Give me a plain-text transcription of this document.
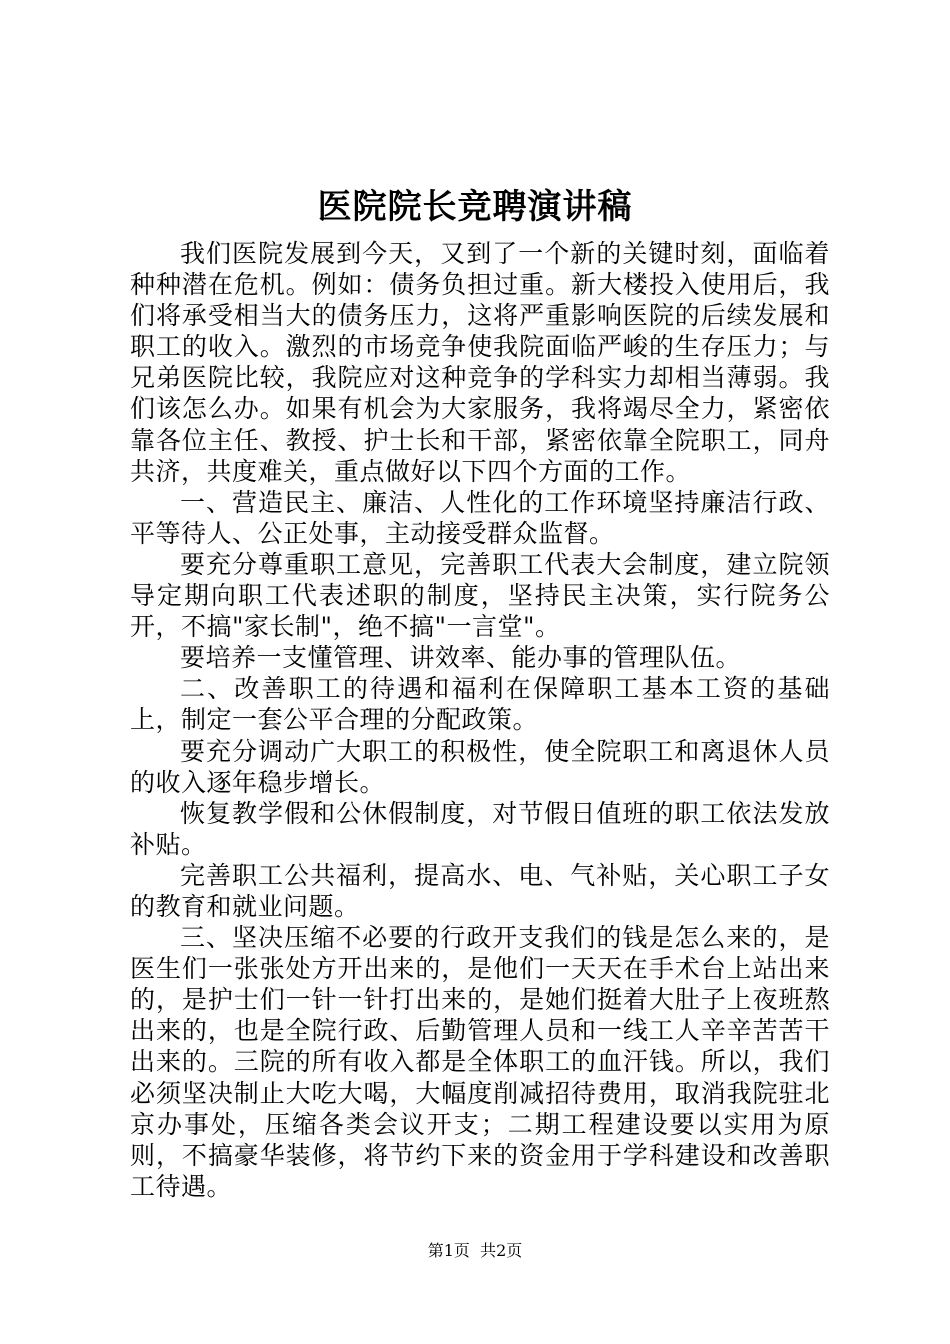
医院院长竞聘演讲稿

我们医院发展到今天，又到了一个新的关键时刻，面临着种种潜在危机。例如：债务负担过重。新大楼投入使用后，我们将承受相当大的债务压力，这将严重影响医院的后续发展和职工的收入。激烈的市场竞争使我院面临严峻的生存压力；与兄弟医院比较，我院应对这种竞争的学科实力却相当薄弱。我们该怎么办。如果有机会为大家服务，我将竭尽全力，紧密依靠各位主任、教授、护士长和干部，紧密依靠全院职工，同舟共济，共度难关，重点做好以下四个方面的工作。

一、营造民主、廉洁、人性化的工作环境坚持廉洁行政、平等待人、公正处事，主动接受群众监督。

要充分尊重职工意见，完善职工代表大会制度，建立院领导定期向职工代表述职的制度，坚持民主决策，实行院务公开，不搞"家长制"，绝不搞"一言堂"。

要培养一支懂管理、讲效率、能办事的管理队伍。

二、改善职工的待遇和福利在保障职工基本工资的基础上，制定一套公平合理的分配政策。

要充分调动广大职工的积极性，使全院职工和离退休人员的收入逐年稳步增长。

恢复教学假和公休假制度，对节假日值班的职工依法发放补贴。

完善职工公共福利，提高水、电、气补贴，关心职工子女的教育和就业问题。

三、坚决压缩不必要的行政开支我们的钱是怎么来的，是医生们一张张处方开出来的，是他们一天天在手术台上站出来的，是护士们一针一针打出来的，是她们挺着大肚子上夜班熬出来的，也是全院行政、后勤管理人员和一线工人辛辛苦苦干出来的。三院的所有收入都是全体职工的血汗钱。所以，我们必须坚决制止大吃大喝，大幅度削减招待费用，取消我院驻北京办事处，压缩各类会议开支；二期工程建设要以实用为原则，不搞豪华装修，将节约下来的资金用于学科建设和改善职工待遇。

第1页 共2页
